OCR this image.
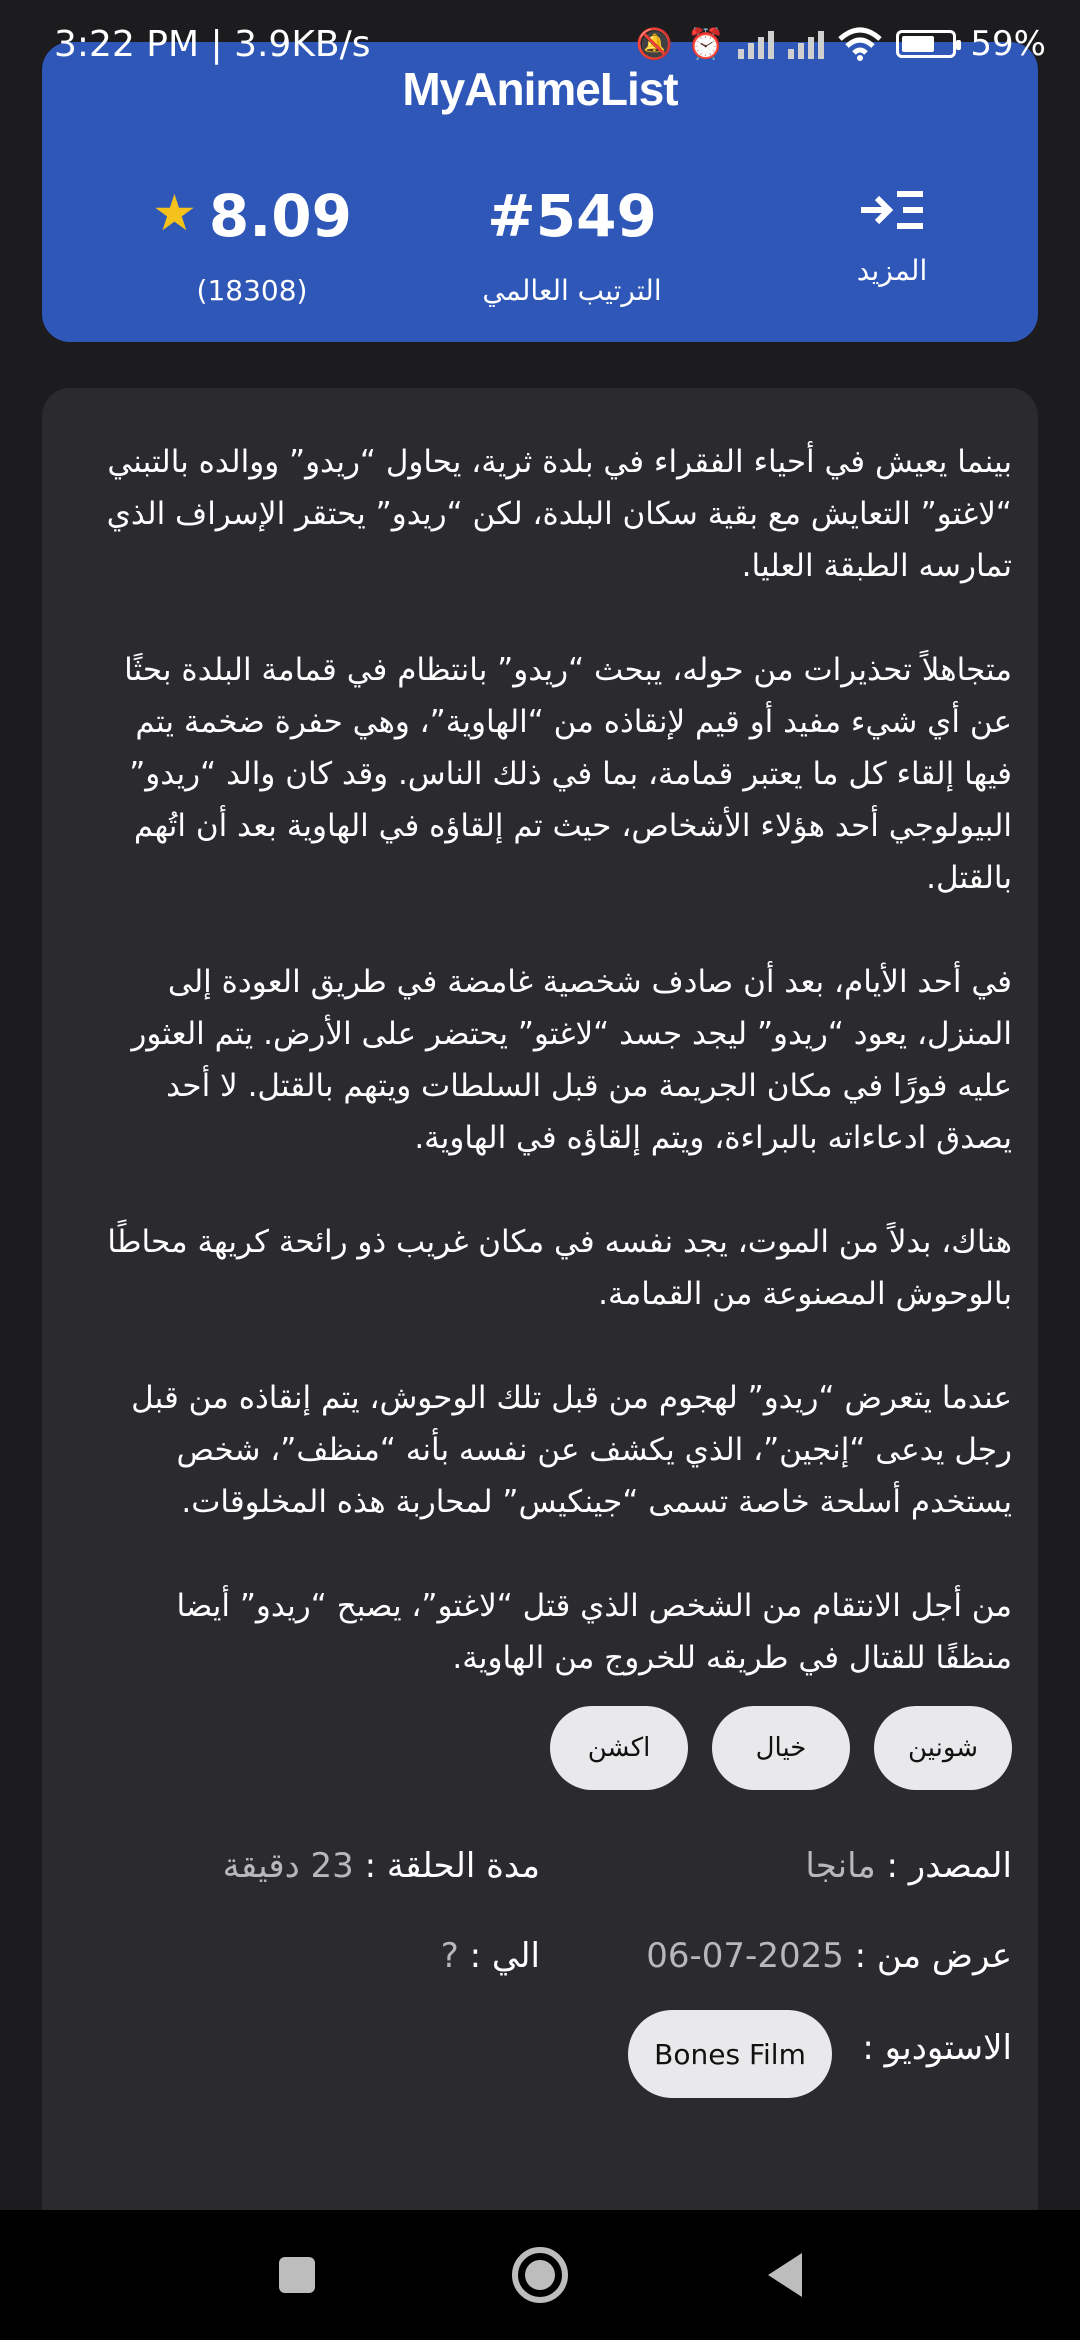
3:22 PM | 3.9KB/s	🔕 ⏰	59%
MyAnimeList
★ 8.09
(18308)
#549
الترتيب العالمي
المزيد

بينما يعيش في أحياء الفقراء في بلدة ثرية، يحاول “ريدو” ووالده بالتبني “لاغتو” التعايش مع بقية سكان البلدة، لكن “ريدو” يحتقر الإسراف الذي تمارسه الطبقة العليا.

متجاهلاً تحذيرات من حوله، يبحث “ريدو” بانتظام في قمامة البلدة بحثًا عن أي شيء مفيد أو قيم لإنقاذه من “الهاوية”، وهي حفرة ضخمة يتم فيها إلقاء كل ما يعتبر قمامة، بما في ذلك الناس. وقد كان والد “ريدو” البيولوجي أحد هؤلاء الأشخاص، حيث تم إلقاؤه في الهاوية بعد أن اتُهم بالقتل.

في أحد الأيام، بعد أن صادف شخصية غامضة في طريق العودة إلى المنزل، يعود “ريدو” ليجد جسد “لاغتو” يحتضر على الأرض. يتم العثور عليه فورًا في مكان الجريمة من قبل السلطات ويتهم بالقتل. لا أحد يصدق ادعاءاته بالبراءة، ويتم إلقاؤه في الهاوية.

هناك، بدلاً من الموت، يجد نفسه في مكان غريب ذو رائحة كريهة محاطًا بالوحوش المصنوعة من القمامة.

عندما يتعرض “ريدو” لهجوم من قبل تلك الوحوش، يتم إنقاذه من قبل رجل يدعى “إنجين”، الذي يكشف عن نفسه بأنه “منظف”، شخص يستخدم أسلحة خاصة تسمى “جينكيس” لمحاربة هذه المخلوقات.

من أجل الانتقام من الشخص الذي قتل “لاغتو”، يصبح “ريدو” أيضا منظفًا للقتال في طريقه للخروج من الهاوية.

شونين
خيال
اكشن
المصدر : مانجا
مدة الحلقة : 23 دقيقة
عرض من : 2025-07-06
الي : ?
الاستوديو :
Bones Film
